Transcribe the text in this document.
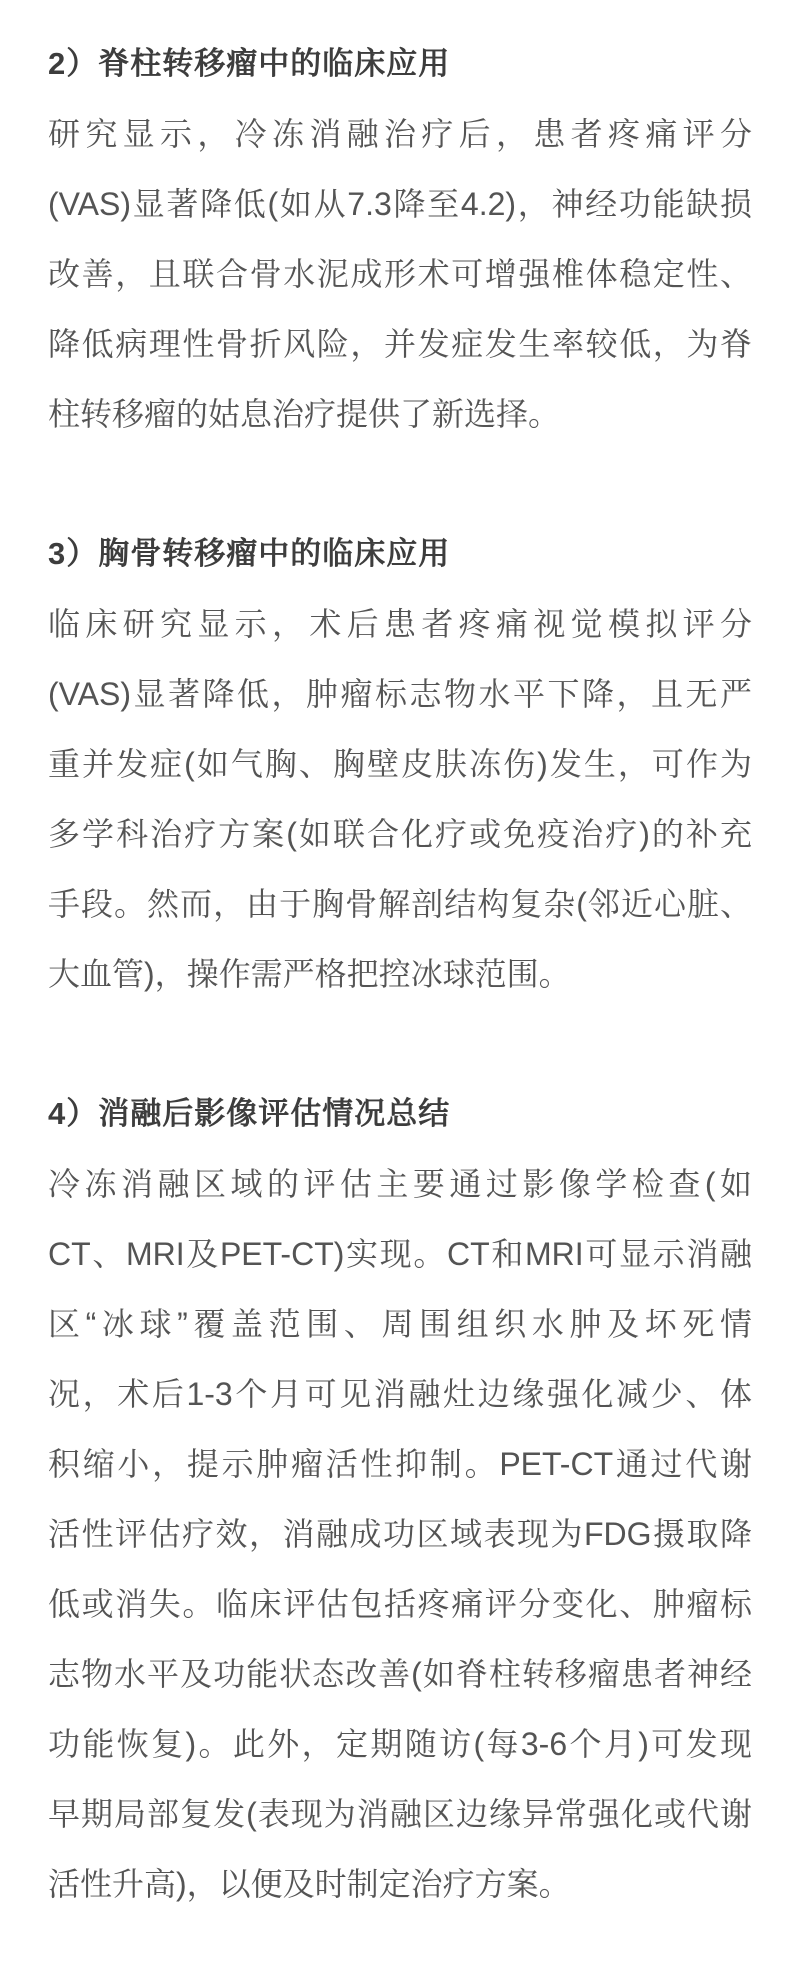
2）脊柱转移瘤中的临床应用
研究显示，冷冻消融治疗后，患者疼痛评分
(VAS)显著降低(如从7.3降至4.2)，神经功能缺损
改善，且联合骨水泥成形术可增强椎体稳定性、
降低病理性骨折风险，并发症发生率较低，为脊
柱转移瘤的姑息治疗提供了新选择。
3）胸骨转移瘤中的临床应用
临床研究显示，术后患者疼痛视觉模拟评分
(VAS)显著降低，肿瘤标志物水平下降，且无严
重并发症(如气胸、胸壁皮肤冻伤)发生，可作为
多学科治疗方案(如联合化疗或免疫治疗)的补充
手段。然而，由于胸骨解剖结构复杂(邻近心脏、
大血管)，操作需严格把控冰球范围。
4）消融后影像评估情况总结
冷冻消融区域的评估主要通过影像学检查(如
CT、MRI及PET-CT)实现。CT和MRI可显示消融
区“冰球”覆盖范围、周围组织水肿及坏死情
况，术后1-3个月可见消融灶边缘强化减少、体
积缩小，提示肿瘤活性抑制。PET-CT通过代谢
活性评估疗效，消融成功区域表现为FDG摄取降
低或消失。临床评估包括疼痛评分变化、肿瘤标
志物水平及功能状态改善(如脊柱转移瘤患者神经
功能恢复)。此外，定期随访(每3-6个月)可发现
早期局部复发(表现为消融区边缘异常强化或代谢
活性升高)，以便及时制定治疗方案。
